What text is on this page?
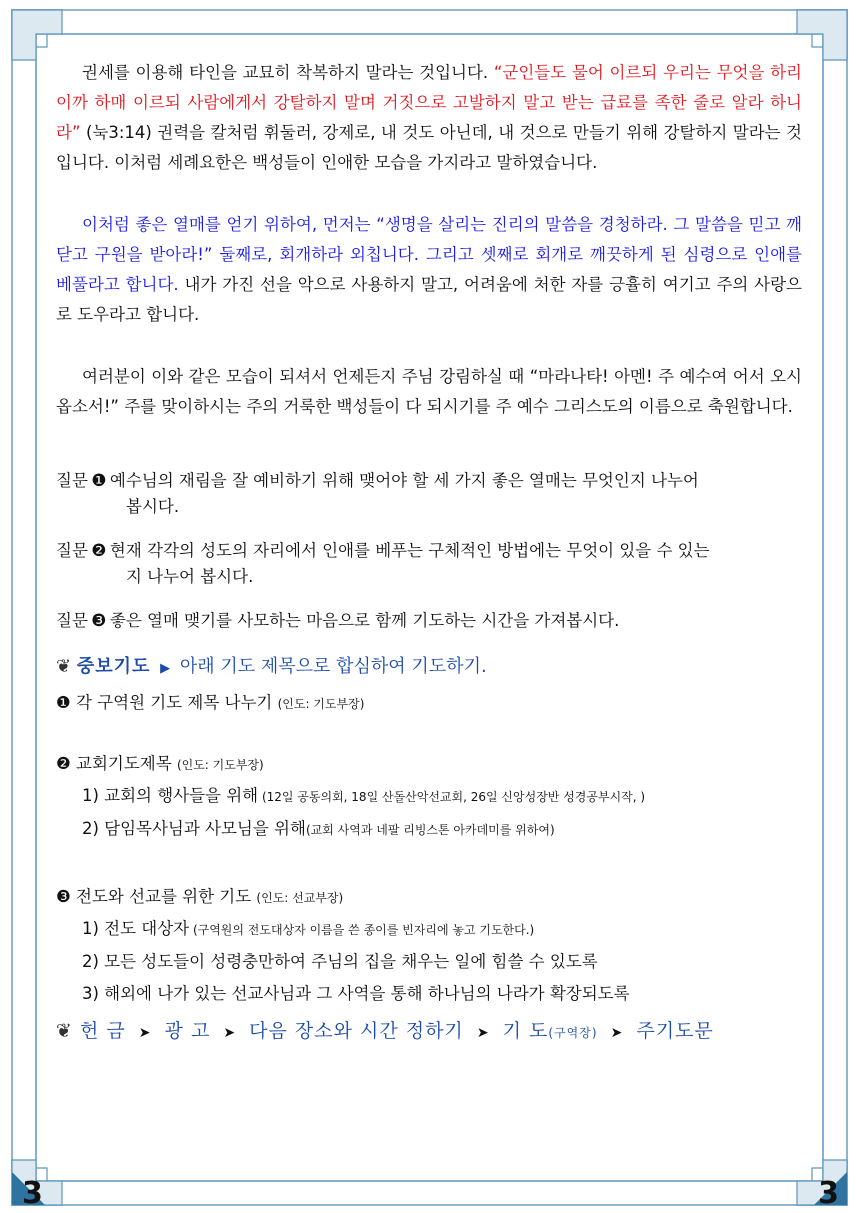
3	3

권세를 이용해 타인을 교묘히 착복하지 말라는 것입니다. “군인들도 물어 이르되 우리는 무엇을 하리이까 하매 이르되 사람에게서 강탈하지 말며 거짓으로 고발하지 말고 받는 급료를 족한 줄로 알라 하니라” (눅3:14) 권력을 칼처럼 휘둘러, 강제로, 내 것도 아닌데, 내 것으로 만들기 위해 강탈하지 말라는 것입니다. 이처럼 세례요한은 백성들이 인애한 모습을 가지라고 말하였습니다.

이처럼 좋은 열매를 얻기 위하여, 먼저는 “생명을 살리는 진리의 말씀을 경청하라. 그 말씀을 믿고 깨닫고 구원을 받아라!” 둘째로, 회개하라 외칩니다. 그리고 셋째로 회개로 깨끗하게 된 심령으로 인애를 베풀라고 합니다. 내가 가진 선을 악으로 사용하지 말고, 어려움에 처한 자를 긍휼히 여기고 주의 사랑으로 도우라고 합니다.

여러분이 이와 같은 모습이 되셔서 언제든지 주님 강림하실 때 “마라나타! 아멘! 주 예수여 어서 오시옵소서!” 주를 맞이하시는 주의 거룩한 백성들이 다 되시기를 주 예수 그리스도의 이름으로 축원합니다.

질문 ❶ 예수님의 재림을 잘 예비하기 위해 맺어야 할 세 가지 좋은 열매는 무엇인지 나누어
봅시다.
질문 ❷ 현재 각각의 성도의 자리에서 인애를 베푸는 구체적인 방법에는 무엇이 있을 수 있는
지 나누어 봅시다.
질문 ❸ 좋은 열매 맺기를 사모하는 마음으로 함께 기도하는 시간을 가져봅시다.
❦ 중보기도 ▶ 아래 기도 제목으로 합심하여 기도하기.

❶ 각 구역원 기도 제목 나누기 (인도: 기도부장)

❷ 교회기도제목 (인도: 기도부장)

1) 교회의 행사들을 위해 (12일 공동의회, 18일 산돌산악선교회, 26일 신앙성장반 성경공부시작, )
2) 담임목사님과 사모님을 위해(교회 사역과 네팔 리빙스톤 아카데미를 위하여)

❸ 전도와 선교를 위한 기도 (인도: 선교부장)

1) 전도 대상자 (구역원의 전도대상자 이름을 쓴 종이를 빈자리에 놓고 기도한다.)
2) 모든 성도들이 성령충만하여 주님의 집을 채우는 일에 힘쓸 수 있도록
3) 해외에 나가 있는 선교사님과 그 사역을 통해 하나님의 나라가 확장되도록
❦ 헌 금 ➤ 광 고 ➤ 다음 장소와 시간 정하기 ➤ 기 도(구역장) ➤ 주기도문
